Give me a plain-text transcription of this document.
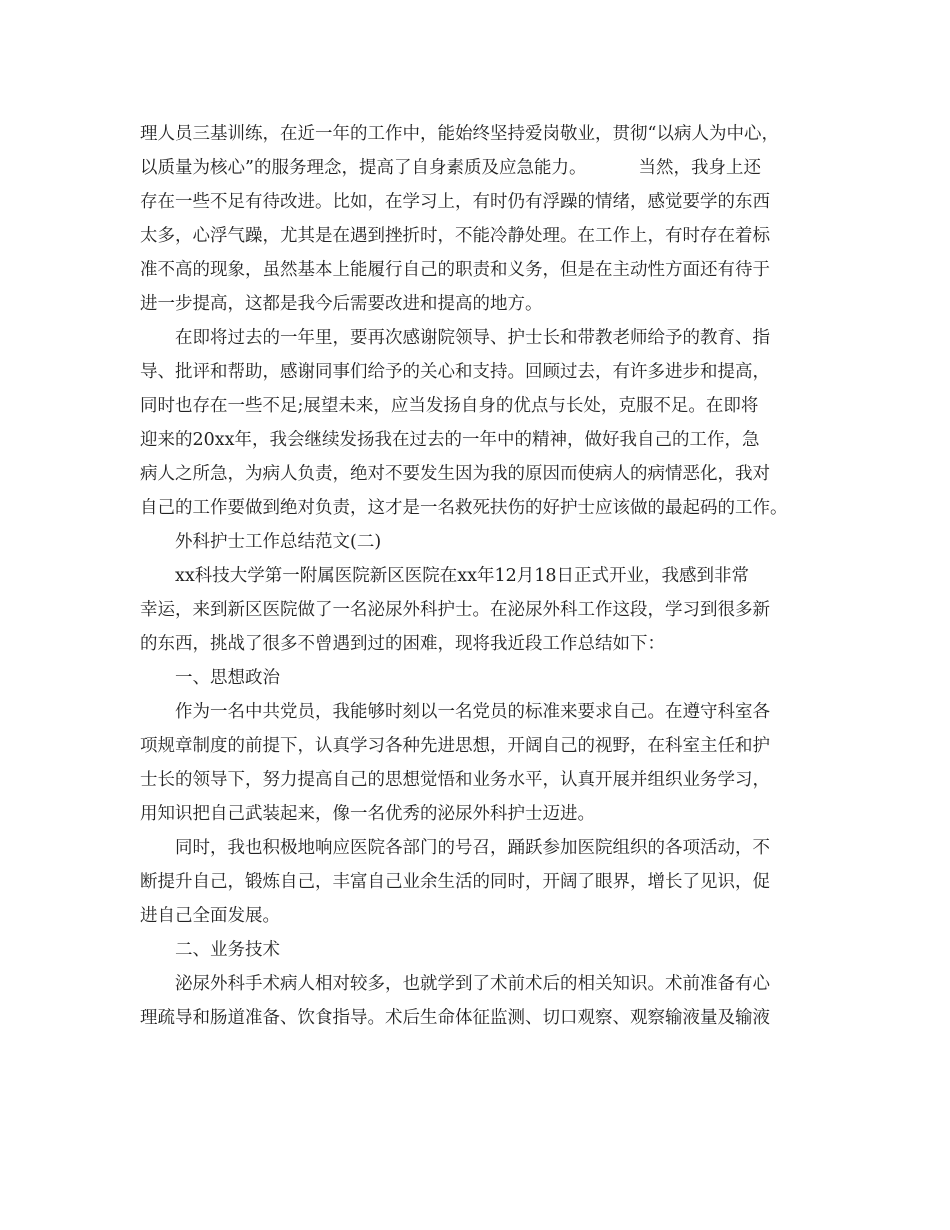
理人员三基训练，在近一年的工作中，能始终坚持爱岗敬业，贯彻“以病人为中心，
以质量为核心”的服务理念，提高了自身素质及应急能力。	当然，我身上还
存在一些不足有待改进。比如，在学习上，有时仍有浮躁的情绪，感觉要学的东西
太多，心浮气躁，尤其是在遇到挫折时，不能冷静处理。在工作上，有时存在着标
准不高的现象，虽然基本上能履行自己的职责和义务，但是在主动性方面还有待于
进一步提高，这都是我今后需要改进和提高的地方。
在即将过去的一年里，要再次感谢院领导、护士长和带教老师给予的教育、指
导、批评和帮助，感谢同事们给予的关心和支持。回顾过去，有许多进步和提高，
同时也存在一些不足;展望未来，应当发扬自身的优点与长处，克服不足。在即将
迎来的20xx年，我会继续发扬我在过去的一年中的精神，做好我自己的工作，急
病人之所急，为病人负责，绝对不要发生因为我的原因而使病人的病情恶化，我对
自己的工作要做到绝对负责，这才是一名救死扶伤的好护士应该做的最起码的工作。
外科护士工作总结范文(二)
xx科技大学第一附属医院新区医院在xx年12月18日正式开业，我感到非常
幸运，来到新区医院做了一名泌尿外科护士。在泌尿外科工作这段，学习到很多新
的东西，挑战了很多不曾遇到过的困难，现将我近段工作总结如下：
一、思想政治
作为一名中共党员，我能够时刻以一名党员的标准来要求自己。在遵守科室各
项规章制度的前提下，认真学习各种先进思想，开阔自己的视野，在科室主任和护
士长的领导下，努力提高自己的思想觉悟和业务水平，认真开展并组织业务学习，
用知识把自己武装起来，像一名优秀的泌尿外科护士迈进。
同时，我也积极地响应医院各部门的号召，踊跃参加医院组织的各项活动，不
断提升自己，锻炼自己，丰富自己业余生活的同时，开阔了眼界，增长了见识，促
进自己全面发展。
二、业务技术
泌尿外科手术病人相对较多，也就学到了术前术后的相关知识。术前准备有心
理疏导和肠道准备、饮食指导。术后生命体征监测、切口观察、观察输液量及输液
